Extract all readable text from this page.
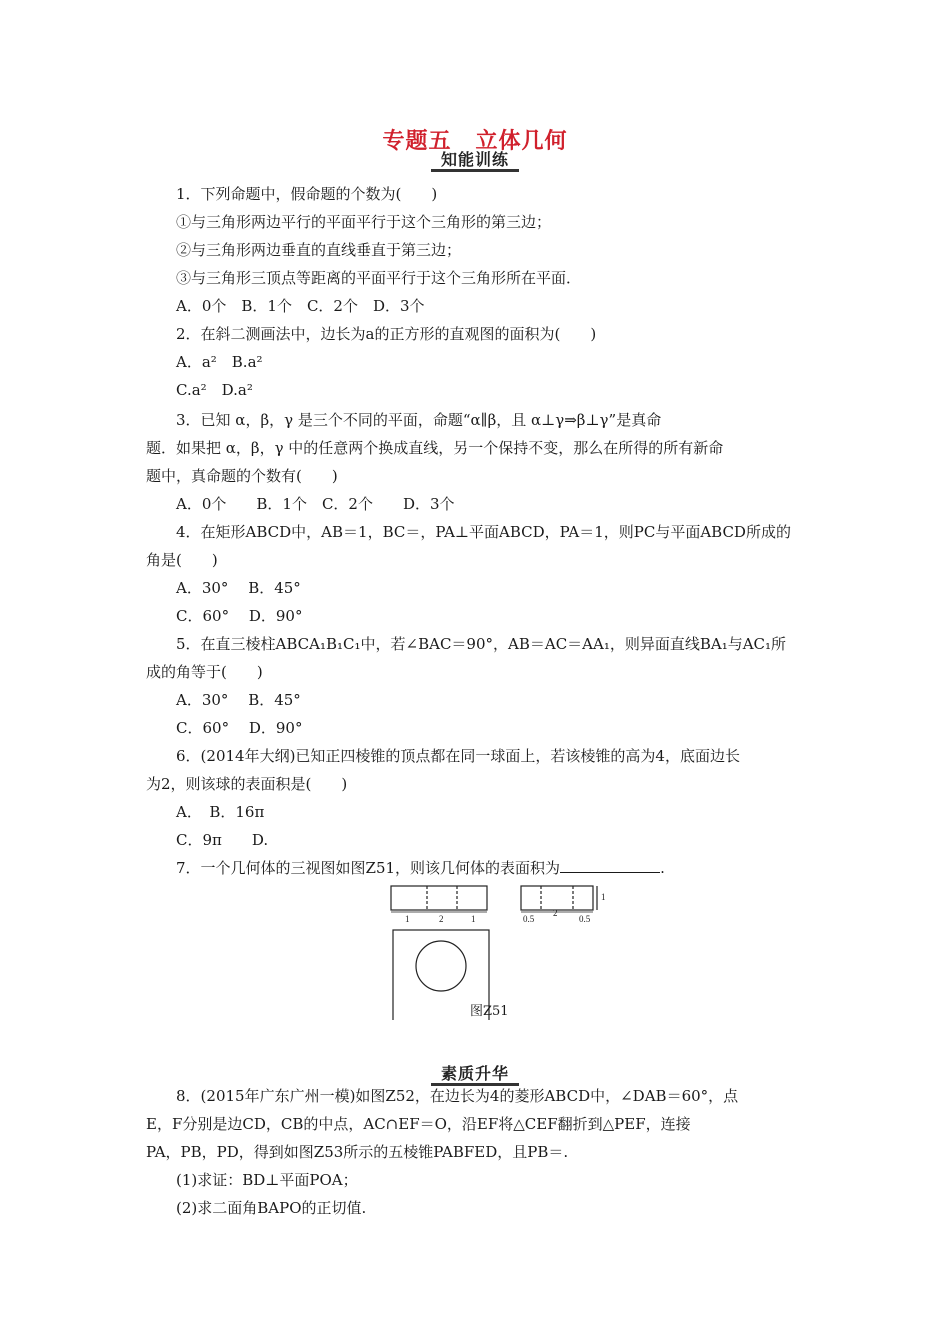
专题五 立体几何
知能训练
1．下列命题中，假命题的个数为(　　)
①与三角形两边平行的平面平行于这个三角形的第三边；
②与三角形两边垂直的直线垂直于第三边；
③与三角形三顶点等距离的平面平行于这个三角形所在平面．
A．0个　B．1个　C．2个　D．3个
2．在斜二测画法中，边长为a的正方形的直观图的面积为(　　)
A．a²　B.a²
C.a²　D.a²
3．已知 α，β，γ 是三个不同的平面，命题“α∥β，且 α⊥γ⇒β⊥γ”是真命
题．如果把 α，β，γ 中的任意两个换成直线，另一个保持不变，那么在所得的所有新命
题中，真命题的个数有(　　)
A．0个　　B．1个　C．2个　　D．3个
4．在矩形ABCD中，AB＝1，BC＝，PA⊥平面ABCD，PA＝1，则PC与平面ABCD所成的
角是(　　)
A．30°　 B．45°
C．60°　 D．90°
5．在直三棱柱ABCA₁B₁C₁中，若∠BAC＝90°，AB＝AC＝AA₁，则异面直线BA₁与AC₁所
成的角等于(　　)
A．30°　 B．45°
C．60°　 D．90°
6．(2014年大纲)已知正四棱锥的顶点都在同一球面上，若该棱锥的高为4，底面边长
为2，则该球的表面积是(　　)
A．　B．16π
C．9π　　D.
7．一个几何体的三视图如图Z51，则该几何体的表面积为	.
1	2	1	0.5
2
0.5
1
图Z51
素质升华
8．(2015年广东广州一模)如图Z52，在边长为4的菱形ABCD中，∠DAB＝60°，点
E，F分别是边CD，CB的中点，AC∩EF＝O，沿EF将△CEF翻折到△PEF，连接
PA，PB，PD，得到如图Z53所示的五棱锥PABFED，且PB＝.
(1)求证：BD⊥平面POA；
(2)求二面角BAPO的正切值.
